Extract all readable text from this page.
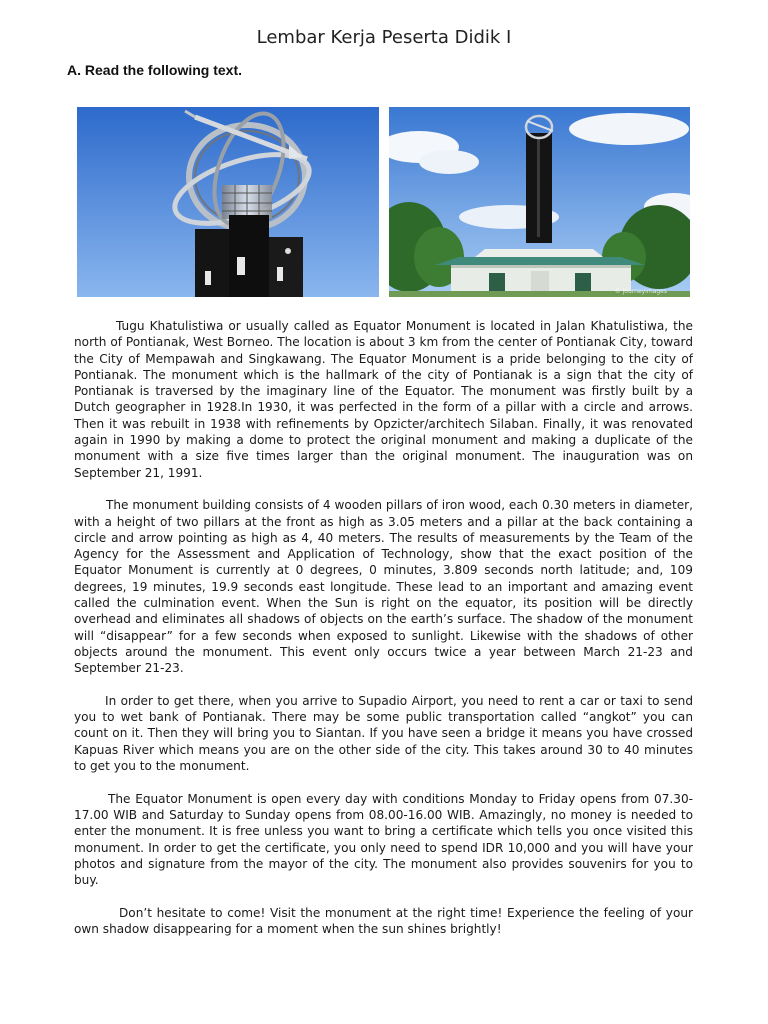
Lembar Kerja Peserta Didik I
A. Read the following text.
© journeyimages

Tugu Khatulistiwa or usually called as Equator Monument is located in Jalan Khatulistiwa, the north of Pontianak, West Borneo. The location is about 3 km from the center of Pontianak City, toward the City of Mempawah and Singkawang. The Equator Monument is a pride belonging to the city of Pontianak. The monument which is the hallmark of the city of Pontianak is a sign that the city of Pontianak is traversed by the imaginary line of the Equator. The monument was firstly built by a Dutch geographer in 1928.In 1930, it was perfected in the form of a pillar with a circle and arrows. Then it was rebuilt in 1938 with refinements by Opzicter/architech Silaban. Finally, it was renovated again in 1990 by making a dome to protect the original monument and making a duplicate of the monument with a size five times larger than the original monument. The inauguration was on September 21, 1991.

The monument building consists of 4 wooden pillars of iron wood, each 0.30 meters in diameter, with a height of two pillars at the front as high as 3.05 meters and a pillar at the back containing a circle and arrow pointing as high as 4, 40 meters. The results of measurements by the Team of the Agency for the Assessment and Application of Technology, show that the exact position of the Equator Monument is currently at 0 degrees, 0 minutes, 3.809 seconds north latitude; and, 109 degrees, 19 minutes, 19.9 seconds east longitude. These lead to an important and amazing event called the culmination event. When the Sun is right on the equator, its position will be directly overhead and eliminates all shadows of objects on the earth’s surface. The shadow of the monument will “disappear” for a few seconds when exposed to sunlight. Likewise with the shadows of other objects around the monument. This event only occurs twice a year between March 21-23 and September 21-23.

In order to get there, when you arrive to Supadio Airport, you need to rent a car or taxi to send you to wet bank of Pontianak. There may be some public transportation called “angkot” you can count on it. Then they will bring you to Siantan. If you have seen a bridge it means you have crossed Kapuas River which means you are on the other side of the city. This takes around 30 to 40 minutes to get you to the monument.

The Equator Monument is open every day with conditions Monday to Friday opens from 07.30-17.00 WIB and Saturday to Sunday opens from 08.00-16.00 WIB. Amazingly, no money is needed to enter the monument. It is free unless you want to bring a certificate which tells you once visited this monument. In order to get the certificate, you only need to spend IDR 10,000 and you will have your photos and signature from the mayor of the city. The monument also provides souvenirs for you to buy.

Don’t hesitate to come! Visit the monument at the right time! Experience the feeling of your own shadow disappearing for a moment when the sun shines brightly!
